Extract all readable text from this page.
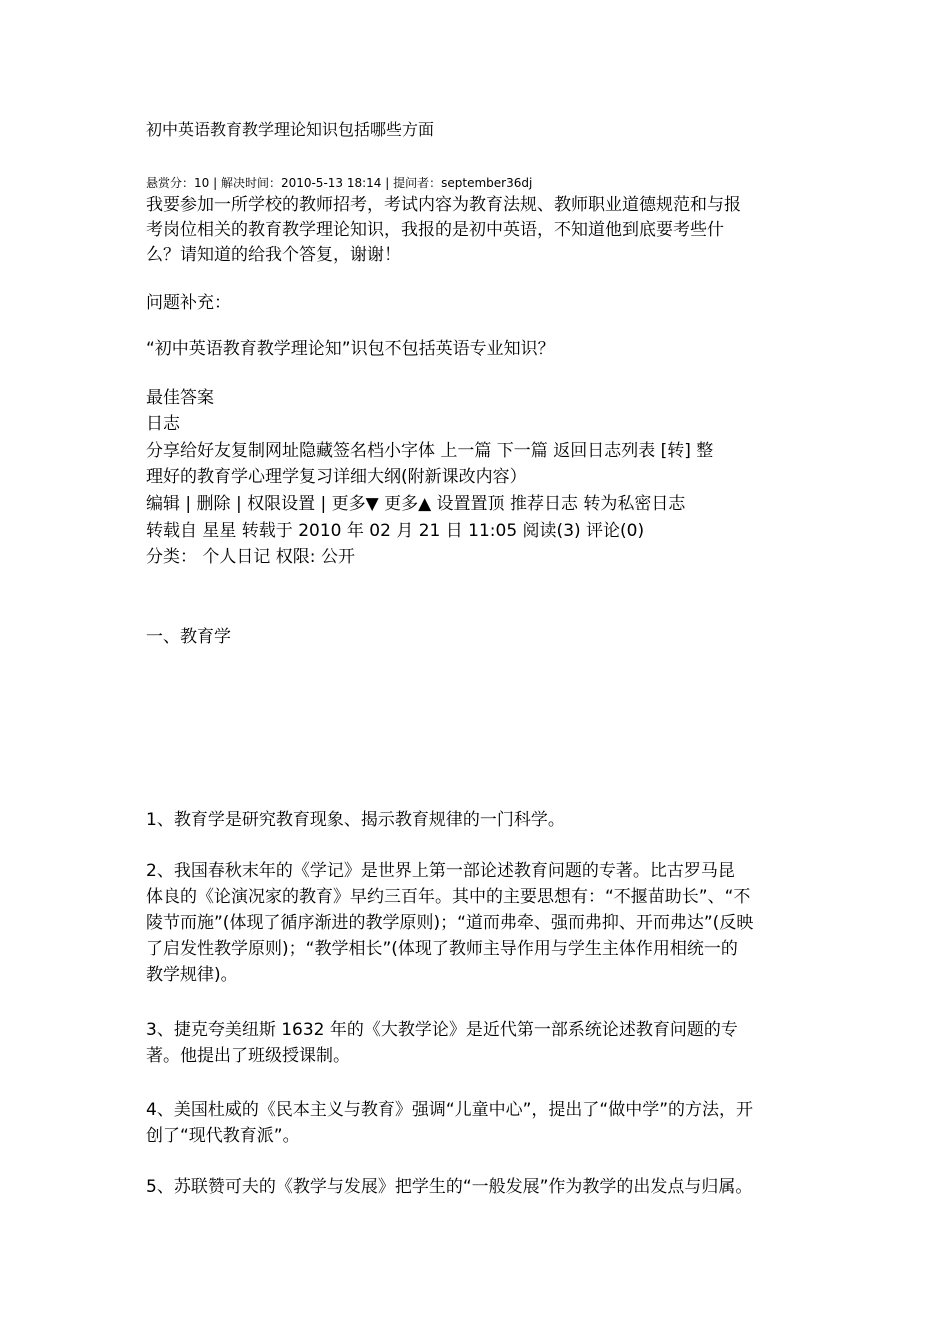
初中英语教育教学理论知识包括哪些方面
悬赏分：10 | 解决时间：2010-5-13 18:14 | 提问者：september36dj
我要参加一所学校的教师招考，考试内容为教育法规、教师职业道德规范和与报
考岗位相关的教育教学理论知识，我报的是初中英语，不知道他到底要考些什
么？请知道的给我个答复，谢谢！
问题补充：
“初中英语教育教学理论知”识包不包括英语专业知识？
最佳答案
日志
分享给好友复制网址隐藏签名档小字体 上一篇 下一篇 返回日志列表 [转] 整
理好的教育学心理学复习详细大纲(附新课改内容）
编辑 | 删除 | 权限设置 | 更多▼ 更多▲ 设置置顶 推荐日志 转为私密日志
转载自 星星 转载于 2010 年 02 月 21 日 11:05 阅读(3) 评论(0)
分类： 个人日记 权限: 公开
一、教育学
1、教育学是研究教育现象、揭示教育规律的一门科学。
2、我国春秋末年的《学记》是世界上第一部论述教育问题的专著。比古罗马昆
体良的《论演况家的教育》早约三百年。其中的主要思想有：“不揠苗助长”、“不
陵节而施”(体现了循序渐进的教学原则)；“道而弗牵、强而弗抑、开而弗达”(反映
了启发性教学原则)；“教学相长”(体现了教师主导作用与学生主体作用相统一的
教学规律)。
3、捷克夸美纽斯 1632 年的《大教学论》是近代第一部系统论述教育问题的专
著。他提出了班级授课制。
4、美国杜威的《民本主义与教育》强调“儿童中心”，提出了“做中学”的方法，开
创了“现代教育派”。
5、苏联赞可夫的《教学与发展》把学生的“一般发展”作为教学的出发点与归属。
